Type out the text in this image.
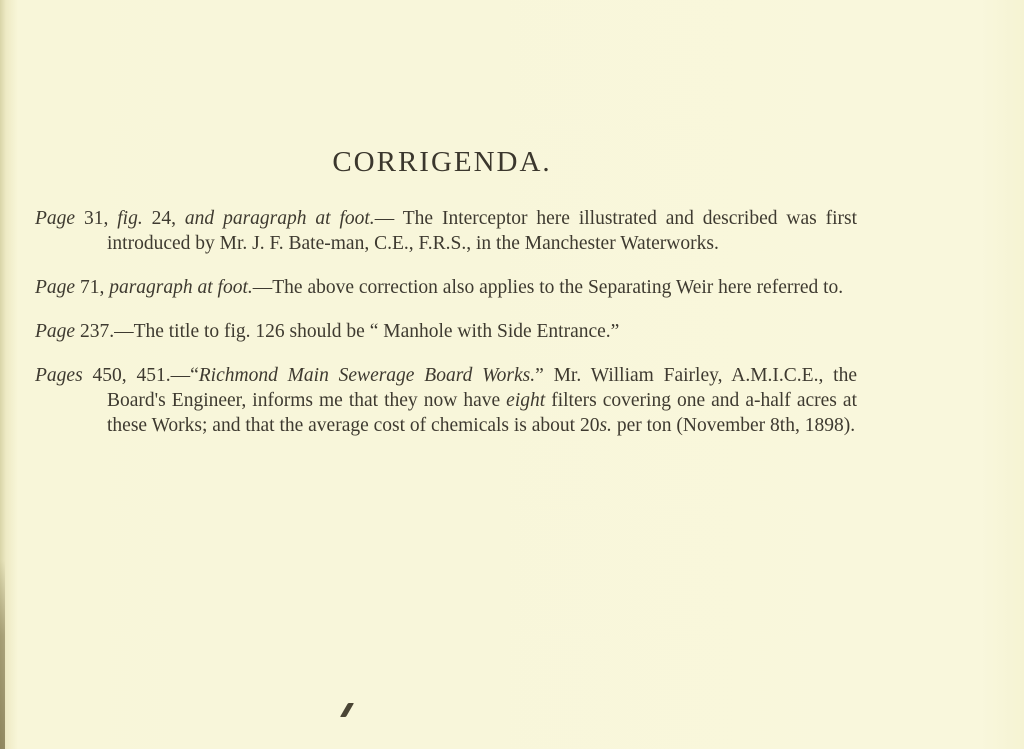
CORRIGENDA.

Page 31, fig. 24, and paragraph at foot.— The Interceptor here illustrated and described was first introduced by Mr. J. F. Bate-man, C.E., F.R.S., in the Manchester Waterworks.

Page 71, paragraph at foot.—The above correction also applies to the Separating Weir here referred to.

Page 237.—The title to fig. 126 should be “ Manhole with Side Entrance.”

Pages 450, 451.—“Richmond Main Sewerage Board Works.” Mr. William Fairley, A.M.I.C.E., the Board's Engineer, informs me that they now have eight filters covering one and a-half acres at these Works; and that the average cost of chemicals is about 20s. per ton (November 8th, 1898).
